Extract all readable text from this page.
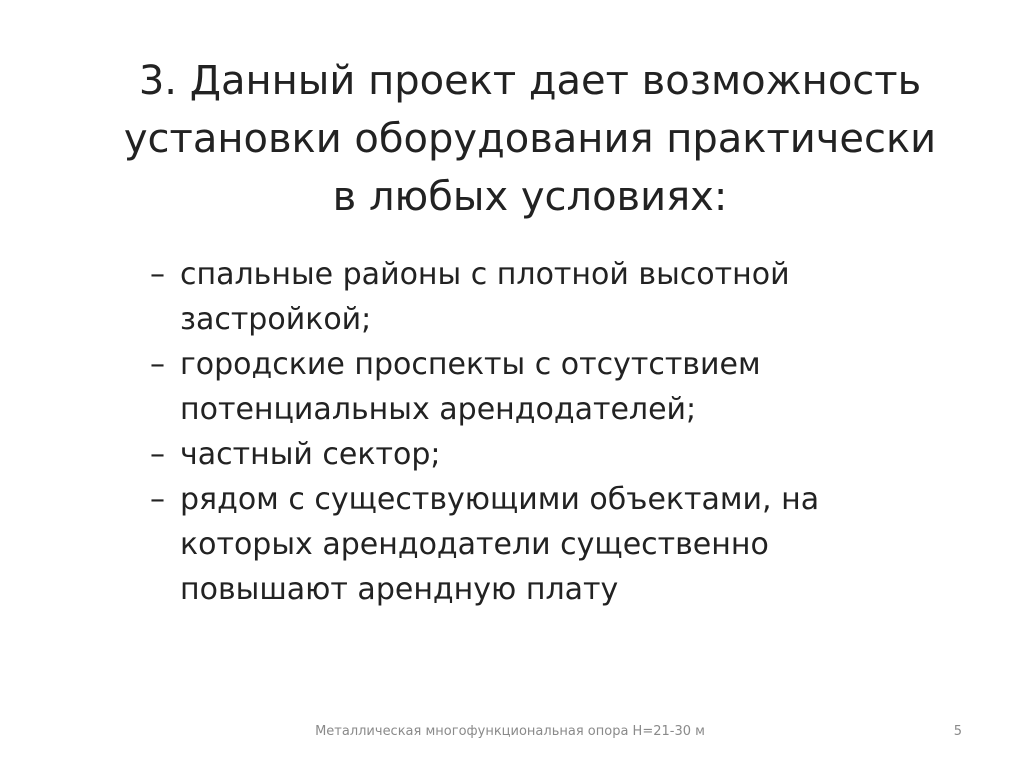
3. Данный проект дает возможность
установки оборудования практически
в любых условиях:
– спальные районы с плотной высотной застройкой;
– городские проспекты с отсутствием потенциальных арендодателей;
– частный сектор;
– рядом с существующими объектами, на которых арендодатели существенно повышают арендную плату
Металлическая многофункциональная опора Н=21-30 м	5
